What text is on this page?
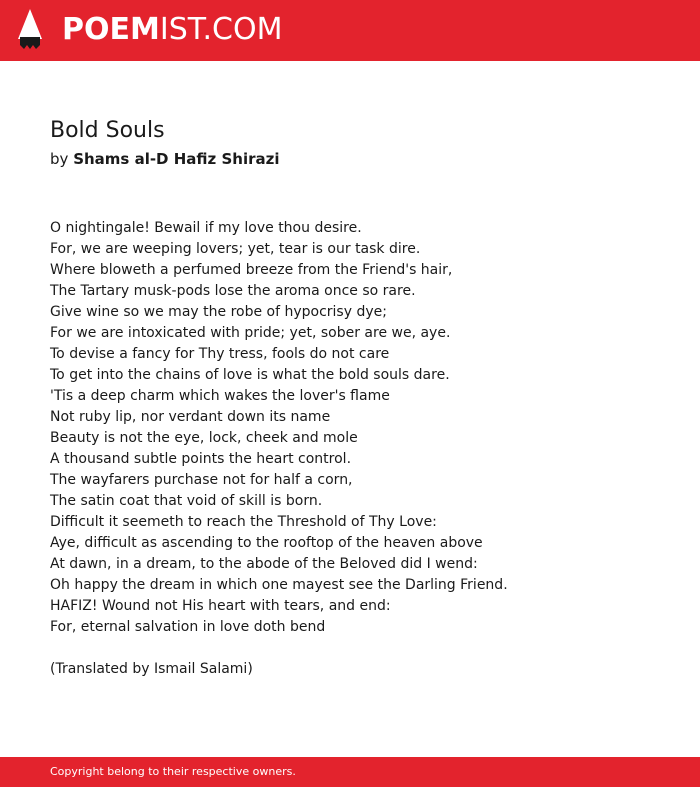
POEMIST.COM
Bold Souls

by Shams al-D Hafiz Shirazi

O nightingale! Bewail if my love thou desire.
For, we are weeping lovers; yet, tear is our task dire.
Where bloweth a perfumed breeze from the Friend's hair,
The Tartary musk-pods lose the aroma once so rare.
Give wine so we may the robe of hypocrisy dye;
For we are intoxicated with pride; yet, sober are we, aye.
To devise a fancy for Thy tress, fools do not care
To get into the chains of love is what the bold souls dare.
'Tis a deep charm which wakes the lover's flame
Not ruby lip, nor verdant down its name
Beauty is not the eye, lock, cheek and mole
A thousand subtle points the heart control.
The wayfarers purchase not for half a corn,
The satin coat that void of skill is born.
Difficult it seemeth to reach the Threshold of Thy Love:
Aye, difficult as ascending to the rooftop of the heaven above
At dawn, in a dream, to the abode of the Beloved did I wend:
Oh happy the dream in which one mayest see the Darling Friend.
HAFIZ! Wound not His heart with tears, and end:
For, eternal salvation in love doth bend
(Translated by Ismail Salami)
Copyright belong to their respective owners.
